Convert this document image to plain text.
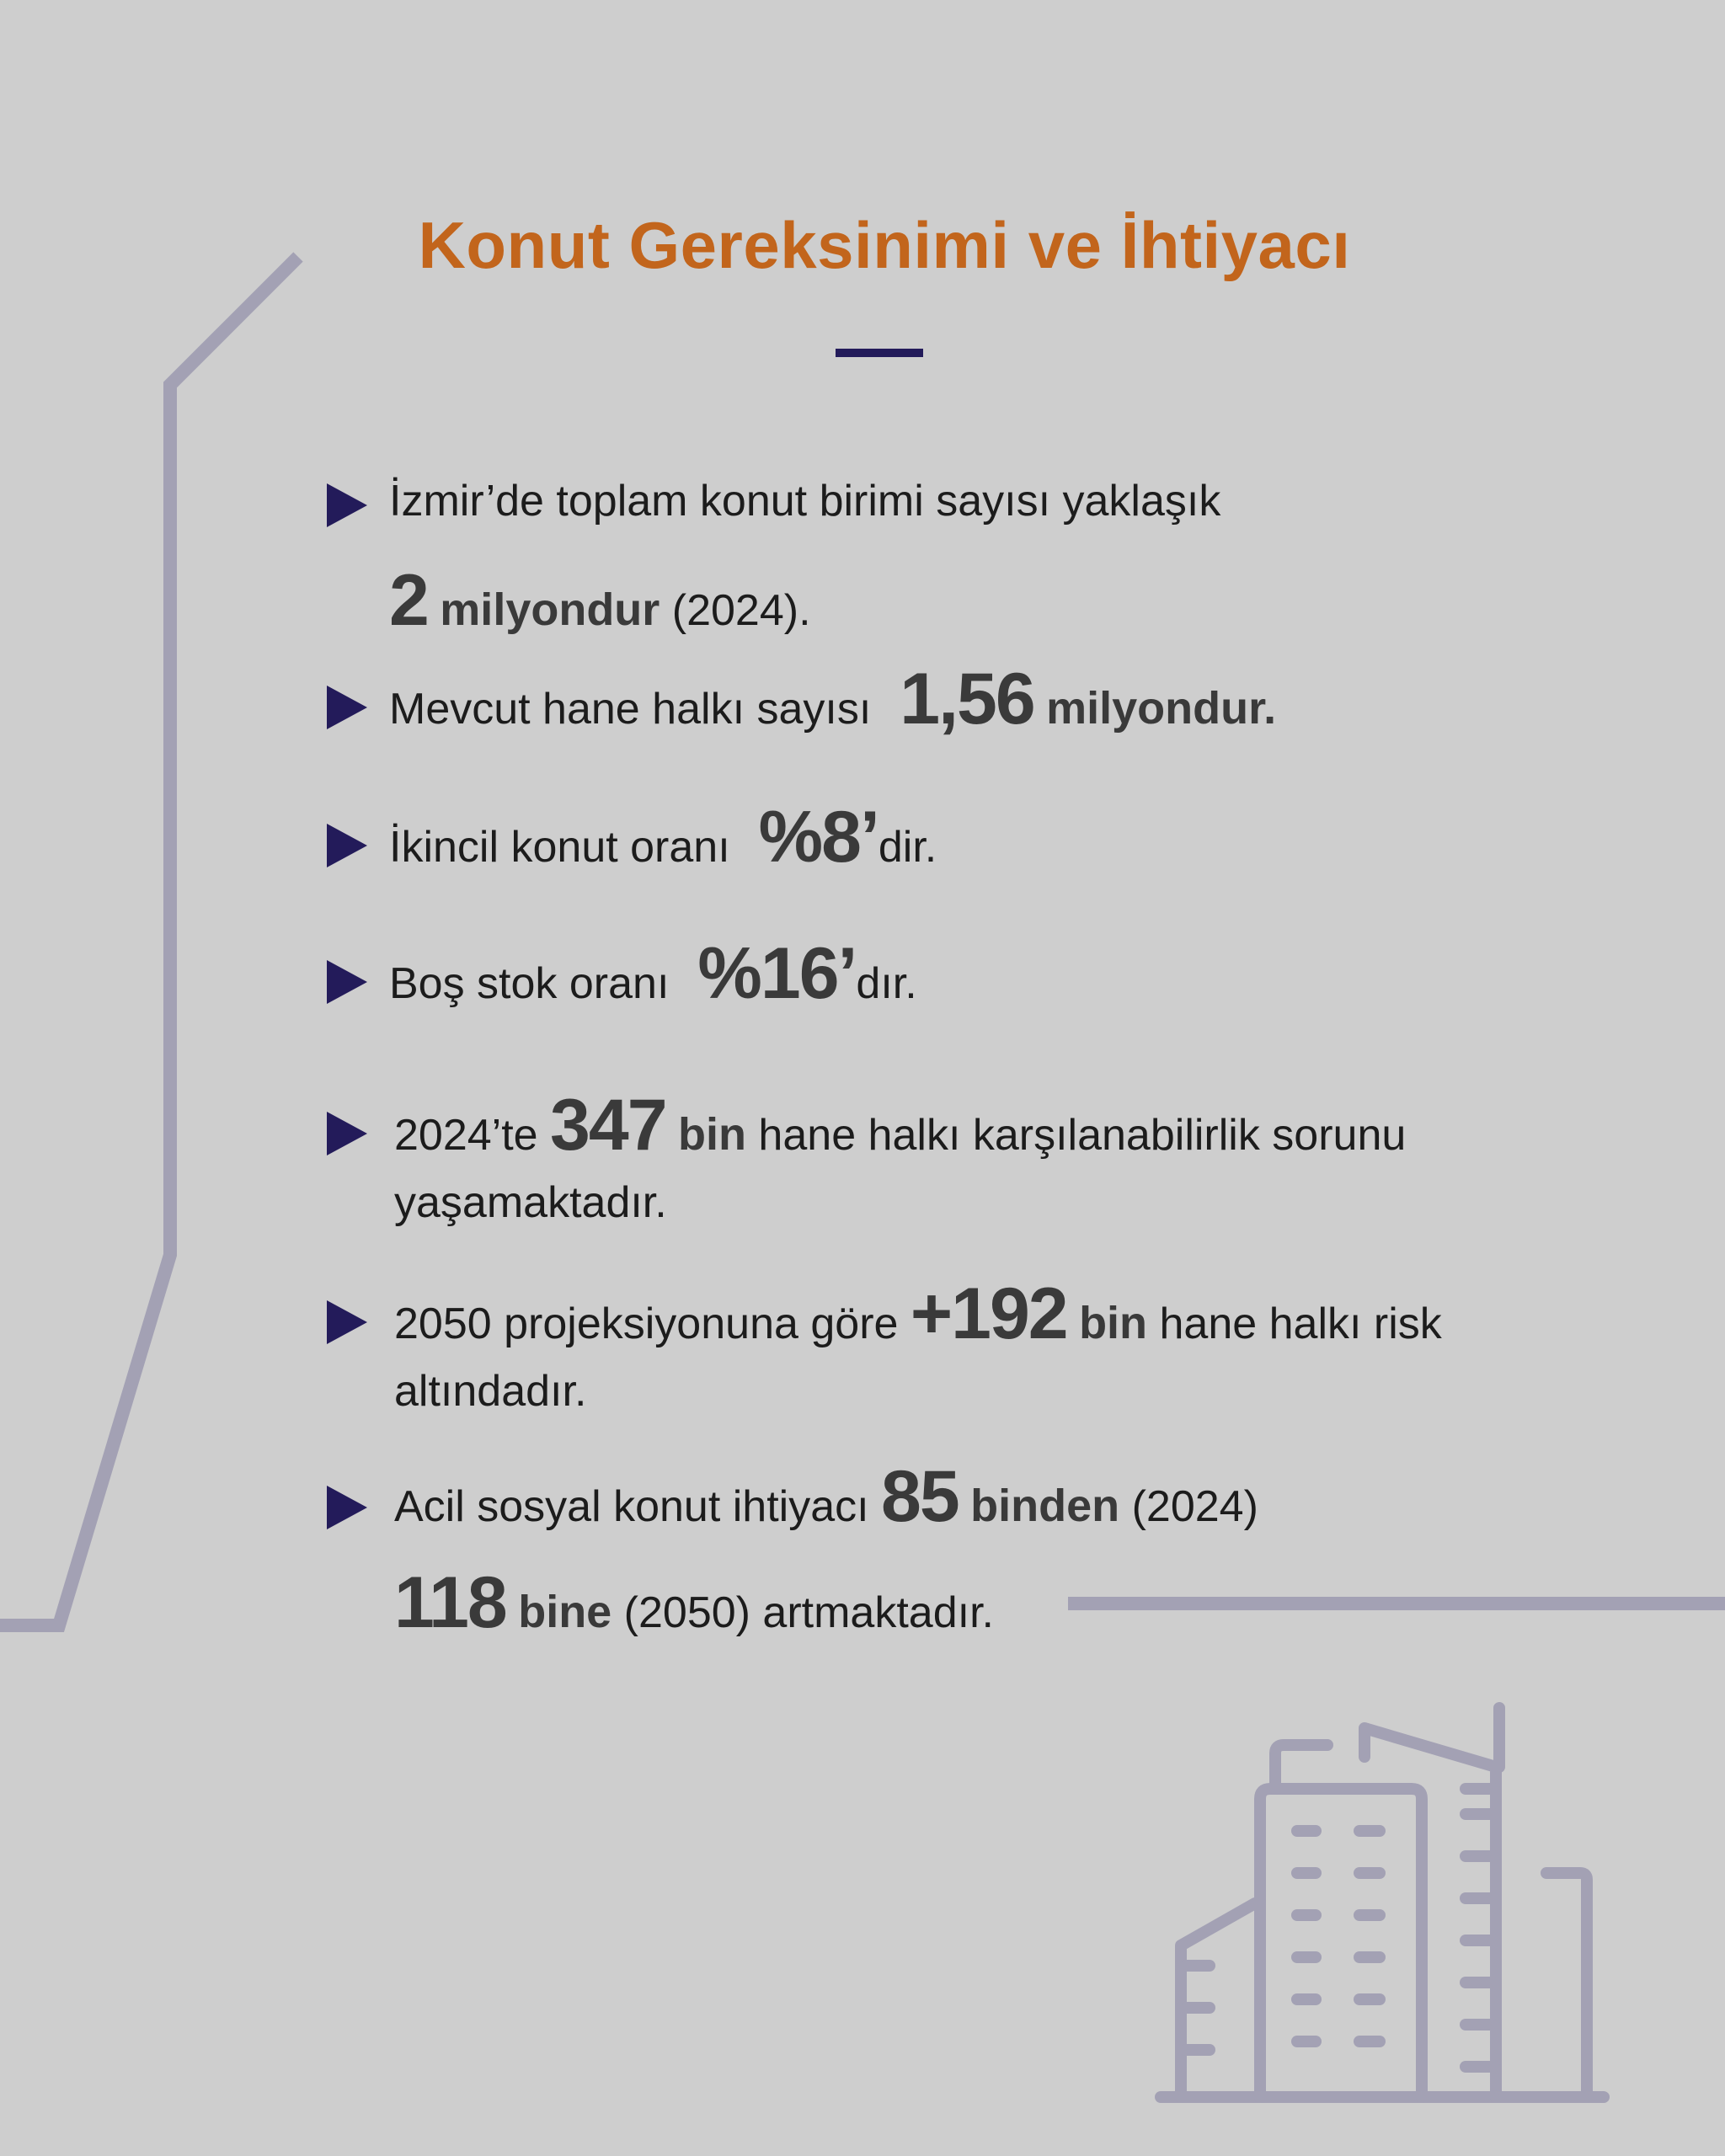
Konut Gereksinimi ve İhtiyacı
İzmir’de toplam konut birimi sayısı yaklaşık
2 milyondur (2024).
Mevcut hane halkı sayısı 1,56 milyondur.
İkincil konut oranı %8’dir.
Boş stok oranı %16’dır.
2024’te 347 bin hane halkı karşılanabilirlik sorunu
yaşamaktadır.
2050 projeksiyonuna göre +192 bin hane halkı risk
altındadır.
Acil sosyal konut ihtiyacı 85 binden (2024)
118 bine (2050) artmaktadır.
